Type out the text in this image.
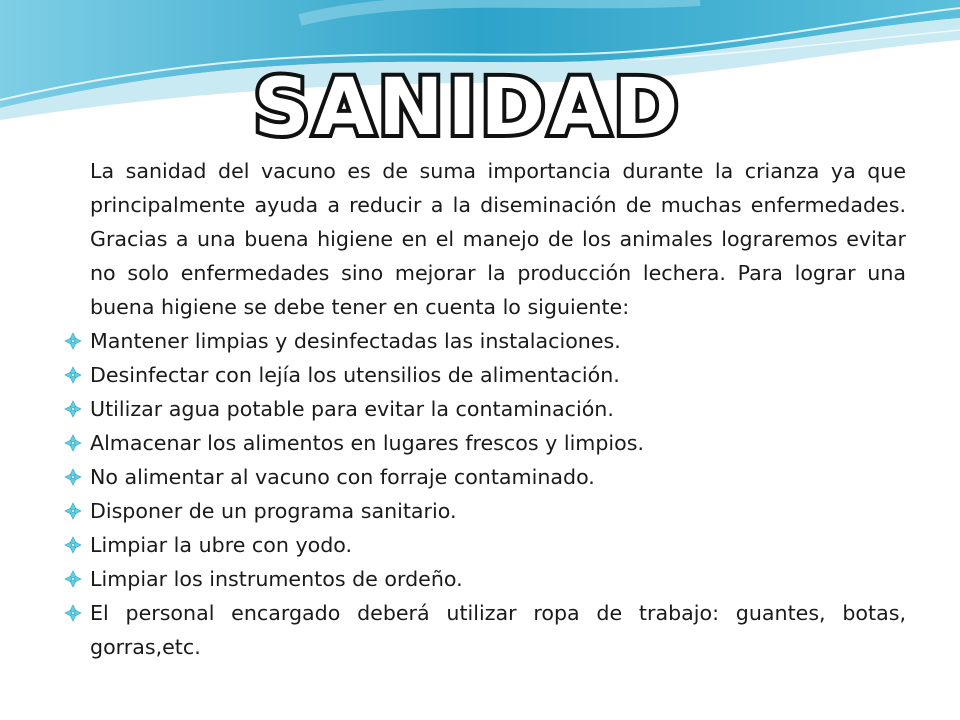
SANIDAD

La sanidad del vacuno es de suma importancia durante la crianza ya que principalmente ayuda a reducir a la diseminación de muchas enfermedades. Gracias a una buena higiene en el manejo de los animales lograremos evitar no solo enfermedades sino mejorar la producción lechera. Para lograr una buena higiene se debe tener en cuenta lo siguiente:

Mantener limpias y desinfectadas las instalaciones.
Desinfectar con lejía los utensilios de alimentación.
Utilizar agua potable para evitar la contaminación.
Almacenar los alimentos en lugares frescos y limpios.
No alimentar al vacuno con forraje contaminado.
Disponer de un programa sanitario.
Limpiar la ubre con yodo.
Limpiar los instrumentos de ordeño.
El personal encargado deberá utilizar ropa de trabajo: guantes, botas, gorras,etc.
